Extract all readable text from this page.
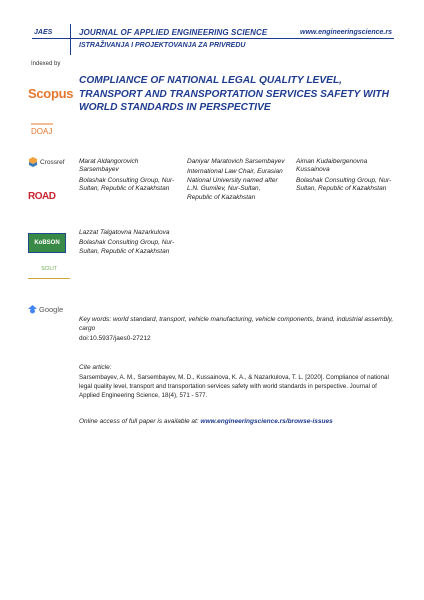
JAES	JOURNAL OF APPLIED ENGINEERING SCIENCE	www.engineeringscience.rs
ISTRAŽIVANJA I PROJEKTOVANJA ZA PRIVREDU
Indexed by
Scopus
DOAJ
Crossref
ROAD
KoBSON
SCILIT
Google
COMPLIANCE OF NATIONAL LEGAL QUALITY LEVEL, TRANSPORT AND TRANSPORTATION SERVICES SAFETY WITH WORLD STANDARDS IN PERSPECTIVE
Marat Aldangorovich Sarsembayev
Bolashak Consulting Group, Nur-Sultan, Republic of Kazakhstan
Daniyar Maratovich Sarsembayev
International Law Chair, Eurasian National University named after L.N. Gumilev, Nur-Sultan, Republic of Kazakhstan
Aiman Kudaibergenovna Kussainova
Bolashak Consulting Group, Nur-Sultan, Republic of Kazakhstan
Lazzat Talgatovna Nazarkulova
Bolashak Consulting Group, Nur-Sultan, Republic of Kazakhstan
Key words: world standard, transport, vehicle manufacturing, vehicle components, brand, industrial assembly, cargo
doi:10.5937/jaes0-27212
Cite article:
Sarsembayev, A. M., Sarsembayev, M. D., Kussainova, K. A., & Nazarkulova, T. L. [2020]. Compliance of national legal quality level, transport and transportation services safety with world standards in perspective. Journal of Applied Engineering Science, 18(4), 571 - 577.
Online access of full paper is available at: www.engineeringscience.rs/browse-issues
